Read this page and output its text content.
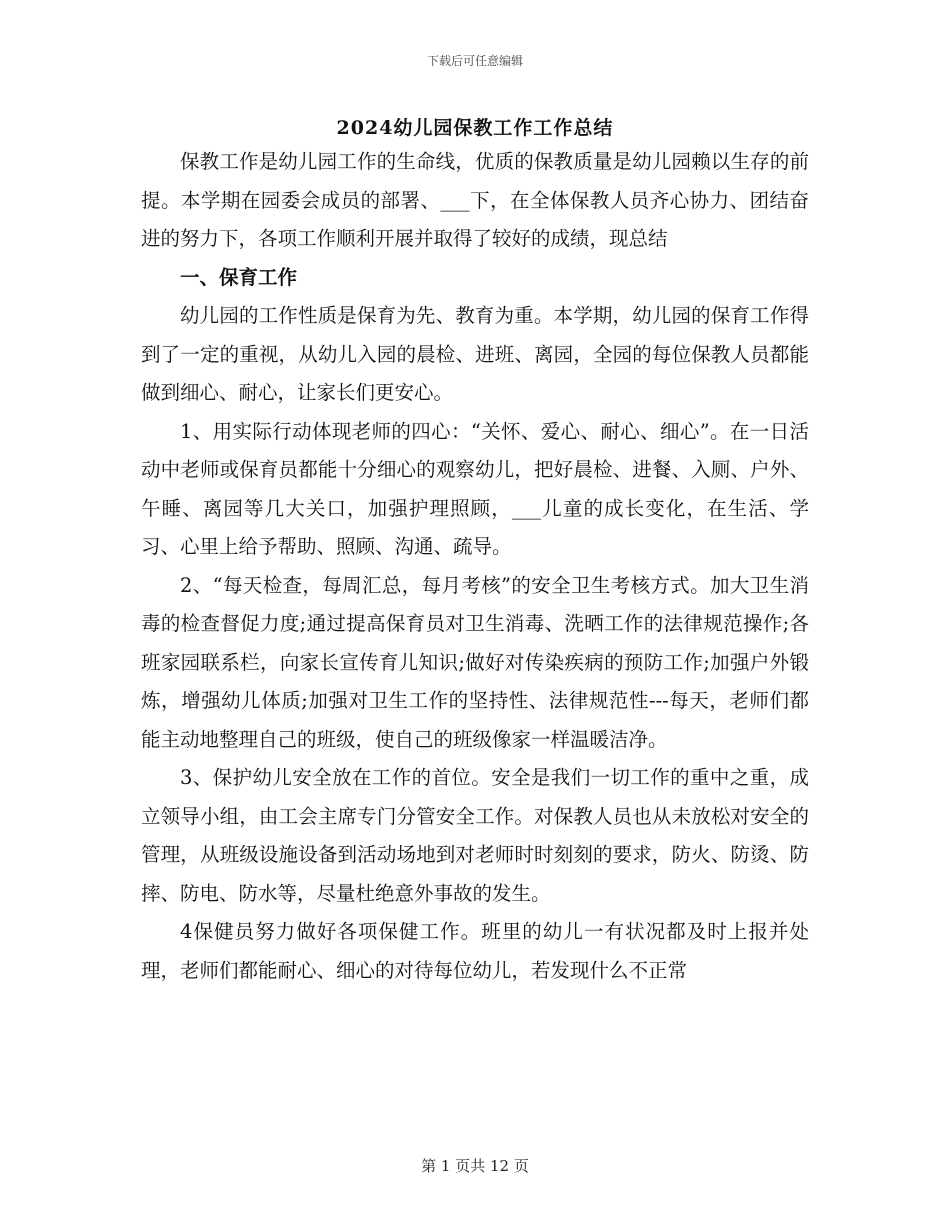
下载后可任意编辑
2024幼儿园保教工作工作总结

保教工作是幼儿园工作的生命线，优质的保教质量是幼儿园赖以生存的前提。本学期在园委会成员的部署、___下，在全体保教人员齐心协力、团结奋进的努力下，各项工作顺利开展并取得了较好的成绩，现总结

一、保育工作

幼儿园的工作性质是保育为先、教育为重。本学期，幼儿园的保育工作得到了一定的重视，从幼儿入园的晨检、进班、离园，全园的每位保教人员都能做到细心、耐心，让家长们更安心。

1、用实际行动体现老师的四心：“关怀、爱心、耐心、细心”。在一日活动中老师或保育员都能十分细心的观察幼儿，把好晨检、进餐、入厕、户外、午睡、离园等几大关口，加强护理照顾，___儿童的成长变化，在生活、学习、心里上给予帮助、照顾、沟通、疏导。

2、“每天检查，每周汇总，每月考核”的安全卫生考核方式。加大卫生消毒的检查督促力度;通过提高保育员对卫生消毒、洗晒工作的法律规范操作;各班家园联系栏，向家长宣传育儿知识;做好对传染疾病的预防工作;加强户外锻炼，增强幼儿体质;加强对卫生工作的坚持性、法律规范性---每天，老师们都能主动地整理自己的班级，使自己的班级像家一样温暖洁净。

3、保护幼儿安全放在工作的首位。安全是我们一切工作的重中之重，成立领导小组，由工会主席专门分管安全工作。对保教人员也从未放松对安全的管理，从班级设施设备到活动场地到对老师时时刻刻的要求，防火、防烫、防摔、防电、防水等，尽量杜绝意外事故的发生。

4保健员努力做好各项保健工作。班里的幼儿一有状况都及时上报并处理，老师们都能耐心、细心的对待每位幼儿，若发现什么不正常

第 1 页共 12 页
